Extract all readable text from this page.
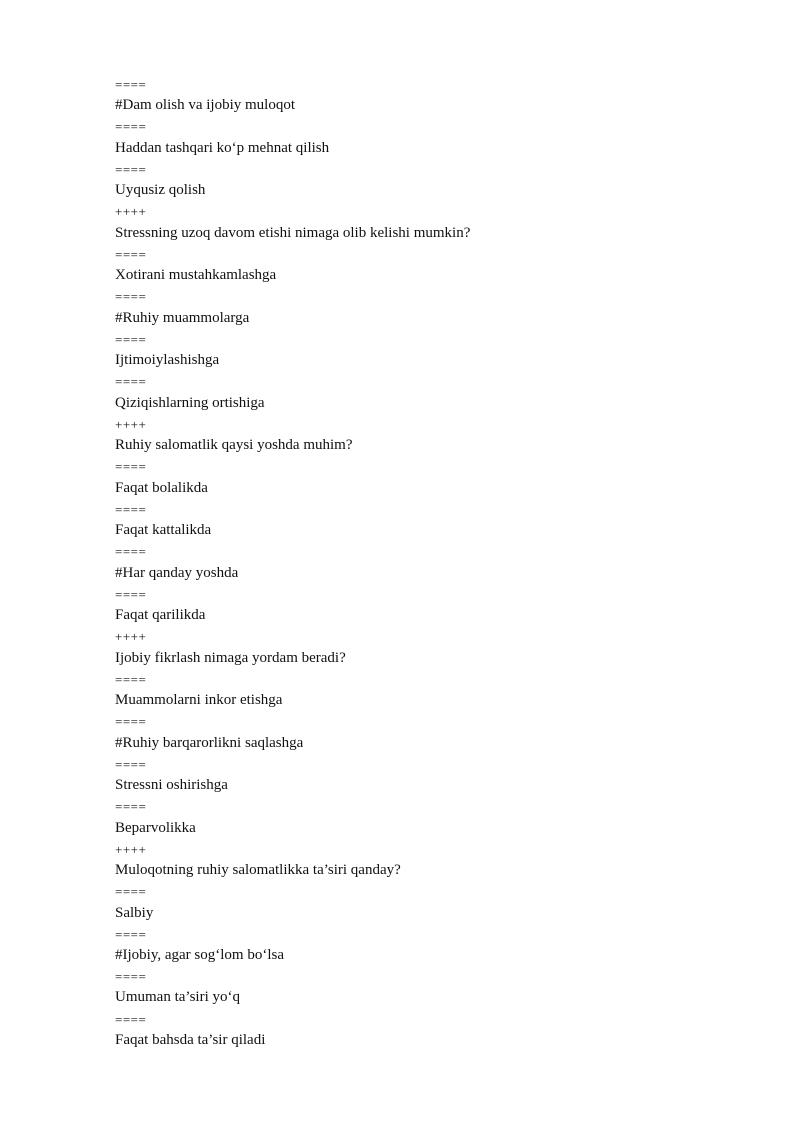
====
#Dam olish va ijobiy muloqot
====
Haddan tashqari ko‘p mehnat qilish
====
Uyqusiz qolish
++++
Stressning uzoq davom etishi nimaga olib kelishi mumkin?
====
Xotirani mustahkamlashga
====
#Ruhiy muammolarga
====
Ijtimoiylashishga
====
Qiziqishlarning ortishiga
++++
Ruhiy salomatlik qaysi yoshda muhim?
====
Faqat bolalikda
====
Faqat kattalikda
====
#Har qanday yoshda
====
Faqat qarilikda
++++
Ijobiy fikrlash nimaga yordam beradi?
====
Muammolarni inkor etishga
====
#Ruhiy barqarorlikni saqlashga
====
Stressni oshirishga
====
Beparvolikka
++++
Muloqotning ruhiy salomatlikka ta’siri qanday?
====
Salbiy
====
#Ijobiy, agar sog‘lom bo‘lsa
====
Umuman ta’siri yo‘q
====
Faqat bahsda ta’sir qiladi
